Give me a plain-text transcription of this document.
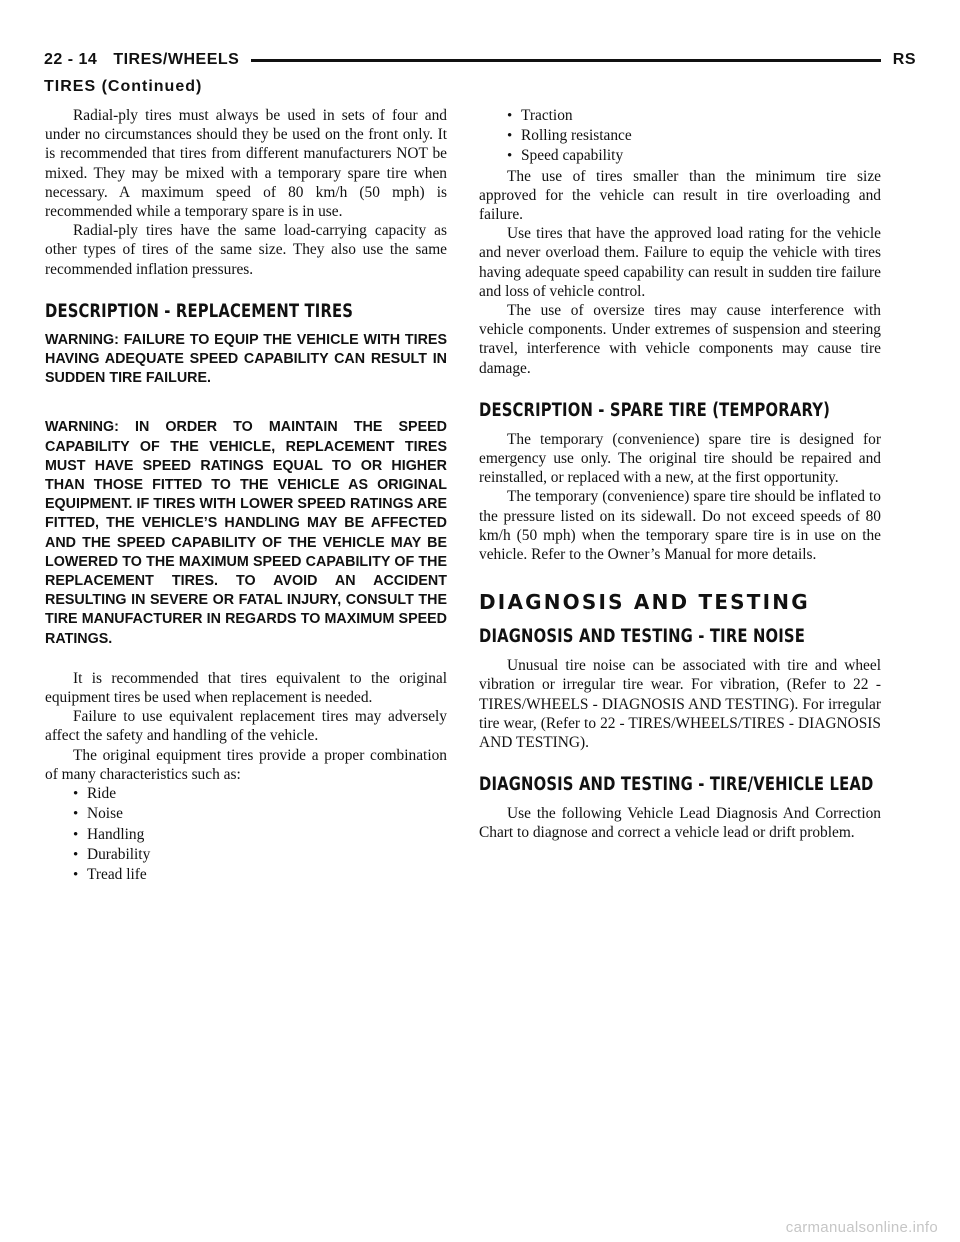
22 - 14 TIRES/WHEELS	RS
TIRES (Continued)

Radial-ply tires must always be used in sets of four and under no circumstances should they be used on the front only. It is recommended that tires from different manufacturers NOT be mixed. They may be mixed with a temporary spare tire when necessary. A maximum speed of 80 km/h (50 mph) is recommended while a temporary spare is in use.

Radial-ply tires have the same load-carrying capacity as other types of tires of the same size. They also use the same recommended inflation pressures.

DESCRIPTION - REPLACEMENT TIRES
WARNING: FAILURE TO EQUIP THE VEHICLE WITH TIRES HAVING ADEQUATE SPEED CAPABILITY CAN RESULT IN SUDDEN TIRE FAILURE.
WARNING: IN ORDER TO MAINTAIN THE SPEED CAPABILITY OF THE VEHICLE, REPLACEMENT TIRES MUST HAVE SPEED RATINGS EQUAL TO OR HIGHER THAN THOSE FITTED TO THE VEHICLE AS ORIGINAL EQUIPMENT. IF TIRES WITH LOWER SPEED RATINGS ARE FITTED, THE VEHICLE’S HANDLING MAY BE AFFECTED AND THE SPEED CAPABILITY OF THE VEHICLE MAY BE LOWERED TO THE MAXIMUM SPEED CAPABILITY OF THE REPLACEMENT TIRES. TO AVOID AN ACCIDENT RESULTING IN SEVERE OR FATAL INJURY, CONSULT THE TIRE MANUFACTURER IN REGARDS TO MAXIMUM SPEED RATINGS.

It is recommended that tires equivalent to the original equipment tires be used when replacement is needed.

Failure to use equivalent replacement tires may adversely affect the safety and handling of the vehicle.

The original equipment tires provide a proper combination of many characteristics such as:

• Ride
• Noise
• Handling
• Durability
• Tread life
• Traction
• Rolling resistance
• Speed capability

The use of tires smaller than the minimum tire size approved for the vehicle can result in tire overloading and failure.

Use tires that have the approved load rating for the vehicle and never overload them. Failure to equip the vehicle with tires having adequate speed capability can result in sudden tire failure and loss of vehicle control.

The use of oversize tires may cause interference with vehicle components. Under extremes of suspension and steering travel, interference with vehicle components may cause tire damage.

DESCRIPTION - SPARE TIRE (TEMPORARY)

The temporary (convenience) spare tire is designed for emergency use only. The original tire should be repaired and reinstalled, or replaced with a new, at the first opportunity.

The temporary (convenience) spare tire should be inflated to the pressure listed on its sidewall. Do not exceed speeds of 80 km/h (50 mph) when the temporary spare tire is in use on the vehicle. Refer to the Owner’s Manual for more details.

DIAGNOSIS AND TESTING
DIAGNOSIS AND TESTING - TIRE NOISE

Unusual tire noise can be associated with tire and wheel vibration or irregular tire wear. For vibration, (Refer to 22 - TIRES/WHEELS - DIAGNOSIS AND TESTING). For irregular tire wear, (Refer to 22 - TIRES/WHEELS/TIRES - DIAGNOSIS AND TESTING).

DIAGNOSIS AND TESTING - TIRE/VEHICLE LEAD

Use the following Vehicle Lead Diagnosis And Correction Chart to diagnose and correct a vehicle lead or drift problem.

carmanualsonline.info
